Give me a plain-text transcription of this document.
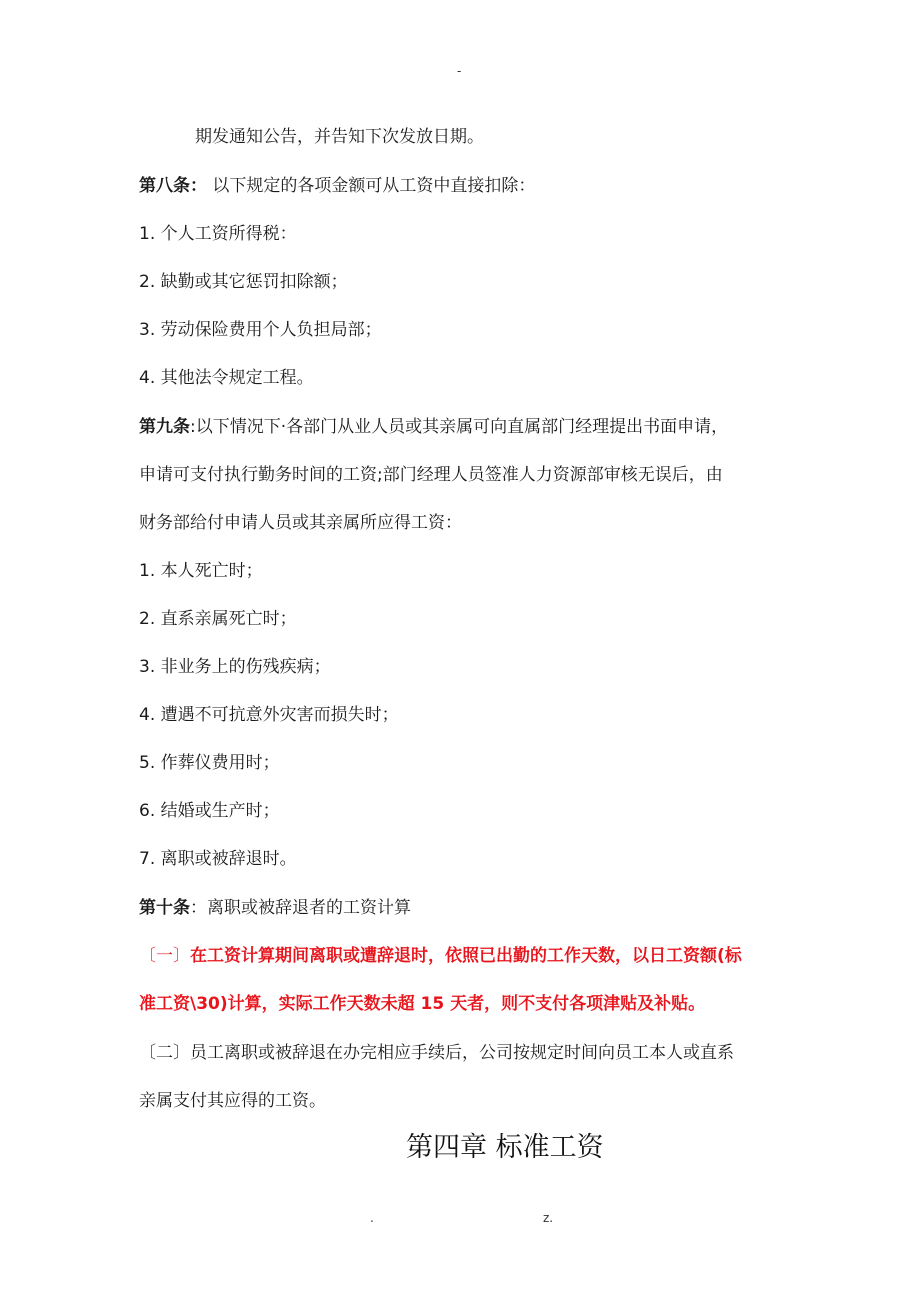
-
期发通知公告，并告知下次发放日期。
第八条： 以下规定的各项金额可从工资中直接扣除：
1. 个人工资所得税：
2. 缺勤或其它惩罚扣除额；
3. 劳动保险费用个人负担局部；
4. 其他法令规定工程。
第九条:以下情况下·各部门从业人员或其亲属可向直属部门经理提出书面申请，
申请可支付执行勤务时间的工资;部门经理人员签准人力资源部审核无误后，由
财务部给付申请人员或其亲属所应得工资：
1. 本人死亡时；
2. 直系亲属死亡时；
3. 非业务上的伤残疾病；
4. 遭遇不可抗意外灾害而损失时；
5. 作葬仪费用时；
6. 结婚或生产时；
7. 离职或被辞退时。
第十条：离职或被辞退者的工资计算
〔一〕在工资计算期间离职或遭辞退时，依照已出勤的工作天数，以日工资额(标
准工资\30)计算，实际工作天数未超 15 天者，则不支付各项津贴及补贴。
〔二〕员工离职或被辞退在办完相应手续后，公司按规定时间向员工本人或直系
亲属支付其应得的工资。
第四章 标准工资
.	z.
